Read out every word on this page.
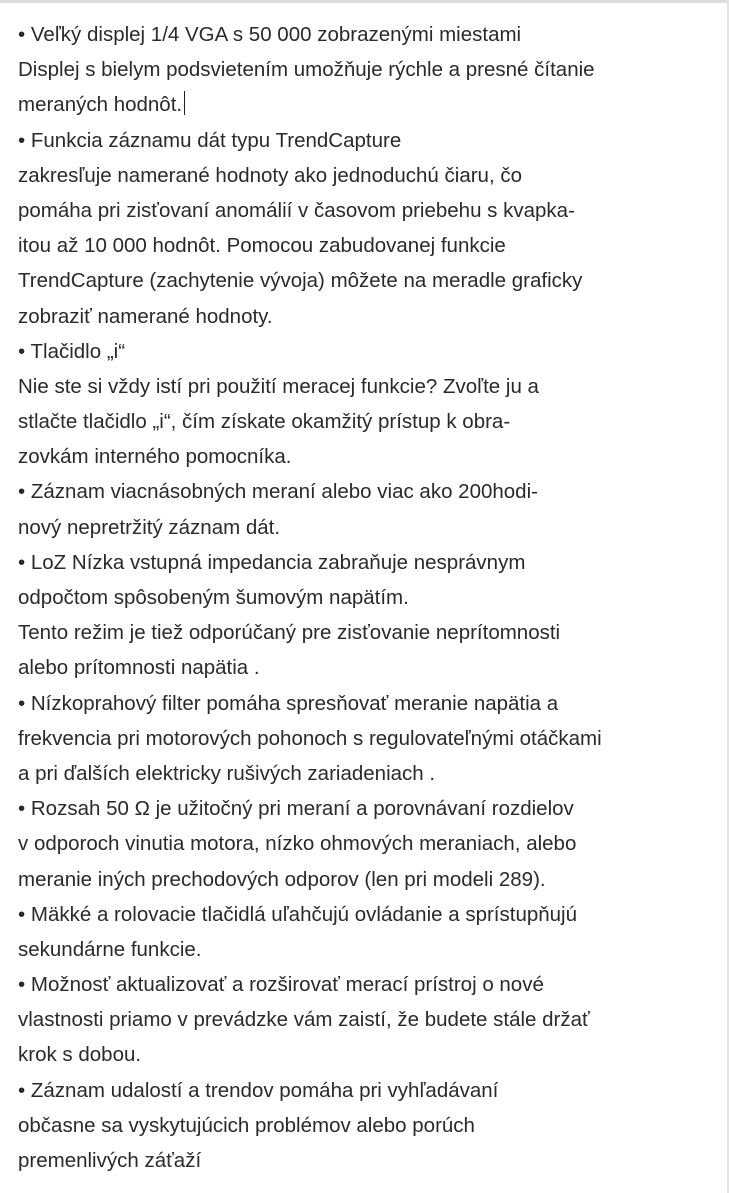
• Veľký displej 1/4 VGA s 50 000 zobrazenými miestami
Displej s bielym podsvietením umožňuje rýchle a presné čítanie
meraných hodnôt.
• Funkcia záznamu dát typu TrendCapture
zakresľuje namerané hodnoty ako jednoduchú čiaru, čo
pomáha pri zisťovaní anomálií v časovom priebehu s kvapka-
itou až 10 000 hodnôt. Pomocou zabudovanej funkcie
TrendCapture (zachytenie vývoja) môžete na meradle graficky
zobraziť namerané hodnoty.
• Tlačidlo „i“
Nie ste si vždy istí pri použití meracej funkcie? Zvoľte ju a
stlačte tlačidlo „i“, čím získate okamžitý prístup k obra-
zovkám interného pomocníka.
• Záznam viacnásobných meraní alebo viac ako 200hodi-
nový nepretržitý záznam dát.
• LoZ Nízka vstupná impedancia zabraňuje nesprávnym
odpočtom spôsobeným šumovým napätím.
Tento režim je tiež odporúčaný pre zisťovanie neprítomnosti
alebo prítomnosti napätia .
• Nízkoprahový filter pomáha spresňovať meranie napätia a
frekvencia pri motorových pohonoch s regulovateľnými otáčkami
a pri ďalších elektricky rušivých zariadeniach .
• Rozsah 50 Ω je užitočný pri meraní a porovnávaní rozdielov
v odporoch vinutia motora, nízko ohmových meraniach, alebo
meranie iných prechodových odporov (len pri modeli 289).
• Mäkké a rolovacie tlačidlá uľahčujú ovládanie a sprístupňujú
sekundárne funkcie.
• Možnosť aktualizovať a rozširovať merací prístroj o nové
vlastnosti priamo v prevádzke vám zaistí, že budete stále držať
krok s dobou.
• Záznam udalostí a trendov pomáha pri vyhľadávaní
občasne sa vyskytujúcich problémov alebo porúch
premenlivých záťaží
